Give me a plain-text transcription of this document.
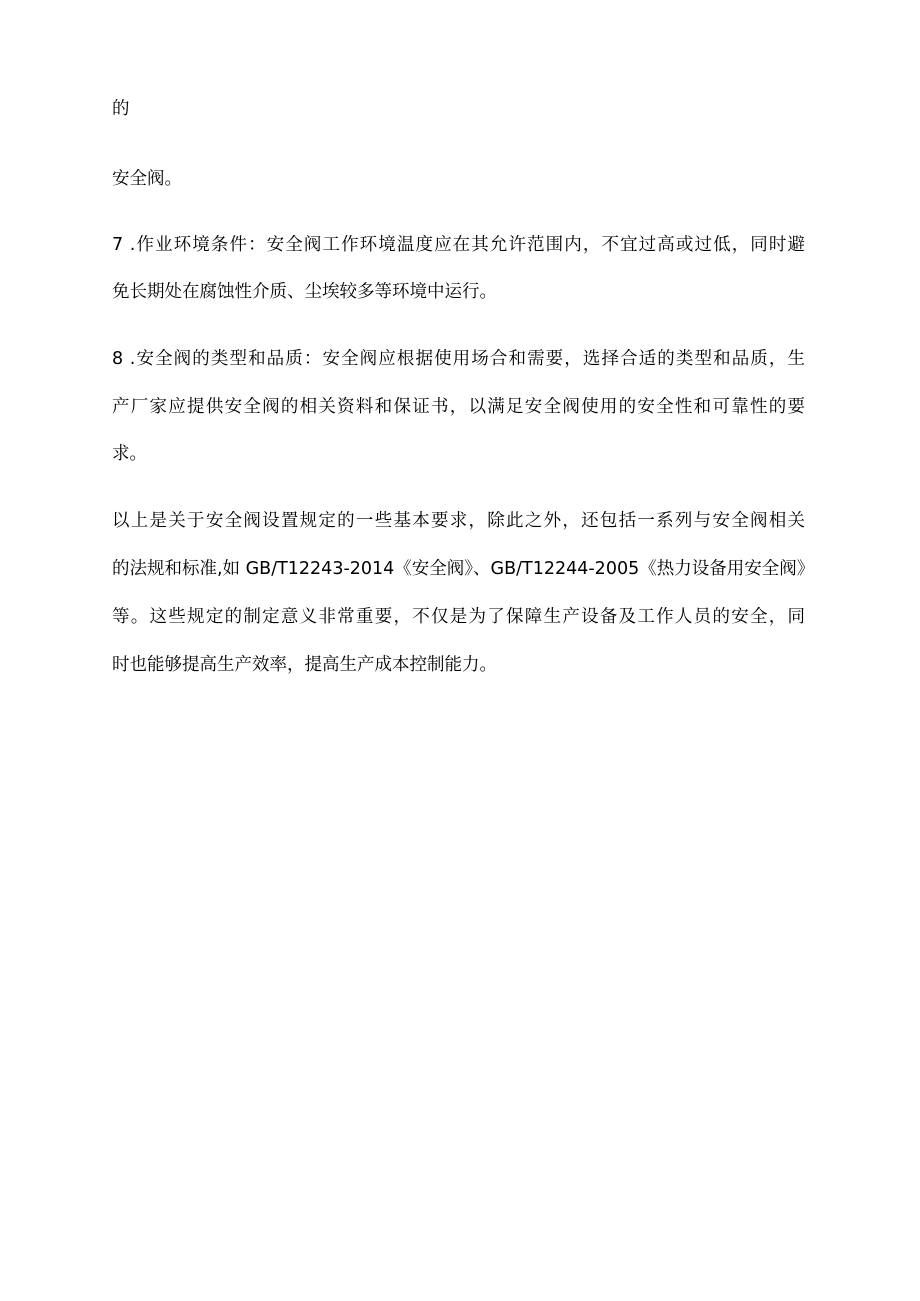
的

安全阀。

7 .作业环境条件：安全阀工作环境温度应在其允许范围内，不宜过高或过低，同时避

免长期处在腐蚀性介质、尘埃较多等环境中运行。

8 .安全阀的类型和品质：安全阀应根据使用场合和需要，选择合适的类型和品质，生

产厂家应提供安全阀的相关资料和保证书，以满足安全阀使用的安全性和可靠性的要

求。

以上是关于安全阀设置规定的一些基本要求，除此之外，还包括一系列与安全阀相关

的法规和标准,如 GB/T12243-2014《安全阀》、GB/T12244-2005《热力设备用安全阀》

等。这些规定的制定意义非常重要，不仅是为了保障生产设备及工作人员的安全，同

时也能够提高生产效率，提高生产成本控制能力。
